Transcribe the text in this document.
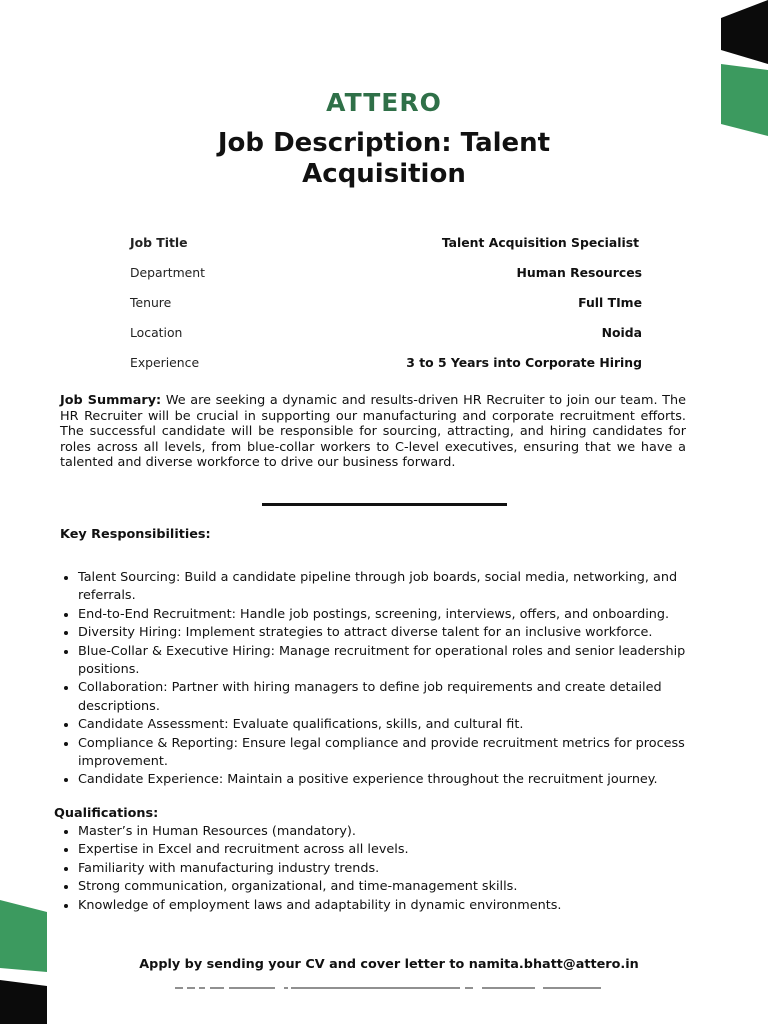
ATTERO
Job Description: Talent Acquisition
Job Title	Talent Acquisition Specialist
Department	Human Resources
Tenure	Full TIme
Location	Noida
Experience	3 to 5 Years into Corporate Hiring
Job Summary: We are seeking a dynamic and results-driven HR Recruiter to join our team. The HR Recruiter will be crucial in supporting our manufacturing and corporate recruitment efforts. The successful candidate will be responsible for sourcing, attracting, and hiring candidates for roles across all levels, from blue-collar workers to C-level executives, ensuring that we have a talented and diverse workforce to drive our business forward.
Key Responsibilities:
• Talent Sourcing: Build a candidate pipeline through job boards, social media, networking, and referrals.
• End-to-End Recruitment: Handle job postings, screening, interviews, offers, and onboarding.
• Diversity Hiring: Implement strategies to attract diverse talent for an inclusive workforce.
• Blue-Collar & Executive Hiring: Manage recruitment for operational roles and senior leadership positions.
• Collaboration: Partner with hiring managers to define job requirements and create detailed descriptions.
• Candidate Assessment: Evaluate qualifications, skills, and cultural fit.
• Compliance & Reporting: Ensure legal compliance and provide recruitment metrics for process improvement.
• Candidate Experience: Maintain a positive experience throughout the recruitment journey.
Qualifications:
• Master’s in Human Resources (mandatory).
• Expertise in Excel and recruitment across all levels.
• Familiarity with manufacturing industry trends.
• Strong communication, organizational, and time-management skills.
• Knowledge of employment laws and adaptability in dynamic environments.
Apply by sending your CV and cover letter to namita.bhatt@attero.in
